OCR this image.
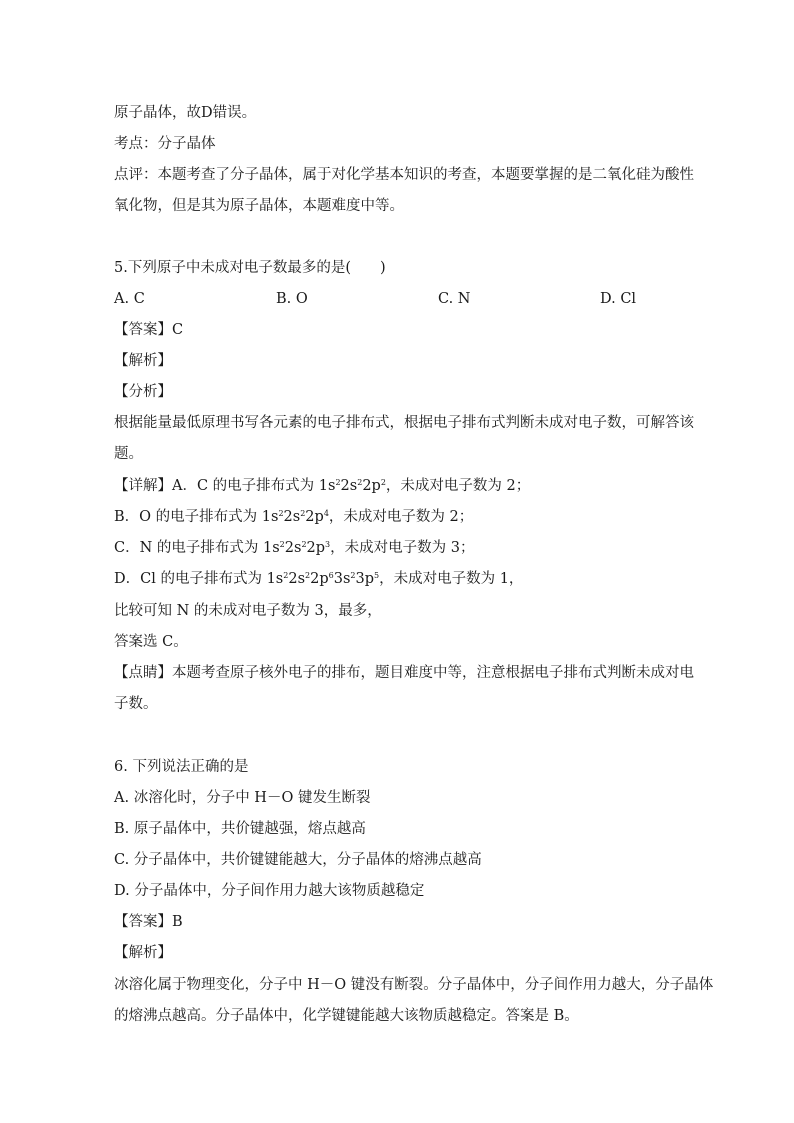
原子晶体，故D错误。
考点：分子晶体
点评：本题考查了分子晶体，属于对化学基本知识的考查，本题要掌握的是二氧化硅为酸性
氧化物，但是其为原子晶体，本题难度中等。
5.下列原子中未成对电子数最多的是(　　)
A. C	B. O	C. N	D. Cl
【答案】C
【解析】
【分析】
根据能量最低原理书写各元素的电子排布式，根据电子排布式判断未成对电子数，可解答该
题。
【详解】A．C 的电子排布式为 $1s^22s^22p^2$，未成对电子数为 2；
B．O 的电子排布式为 $1s^22s^22p^4$，未成对电子数为 2；
C．N 的电子排布式为 $1s^22s^22p^3$，未成对电子数为 3；
D．Cl 的电子排布式为 $1s^22s^22p^63s^23p^5$，未成对电子数为 1，
比较可知 N 的未成对电子数为 3，最多，
答案选 C。
【点睛】本题考查原子核外电子的排布，题目难度中等，注意根据电子排布式判断未成对电
子数。
6. 下列说法正确的是
A. 冰溶化时，分子中 H－O 键发生断裂
B. 原子晶体中，共价键越强，熔点越高
C. 分子晶体中，共价键键能越大，分子晶体的熔沸点越高
D. 分子晶体中，分子间作用力越大该物质越稳定
【答案】B
【解析】
冰溶化属于物理变化，分子中 H－O 键没有断裂。分子晶体中，分子间作用力越大，分子晶体
的熔沸点越高。分子晶体中，化学键键能越大该物质越稳定。答案是 B。
